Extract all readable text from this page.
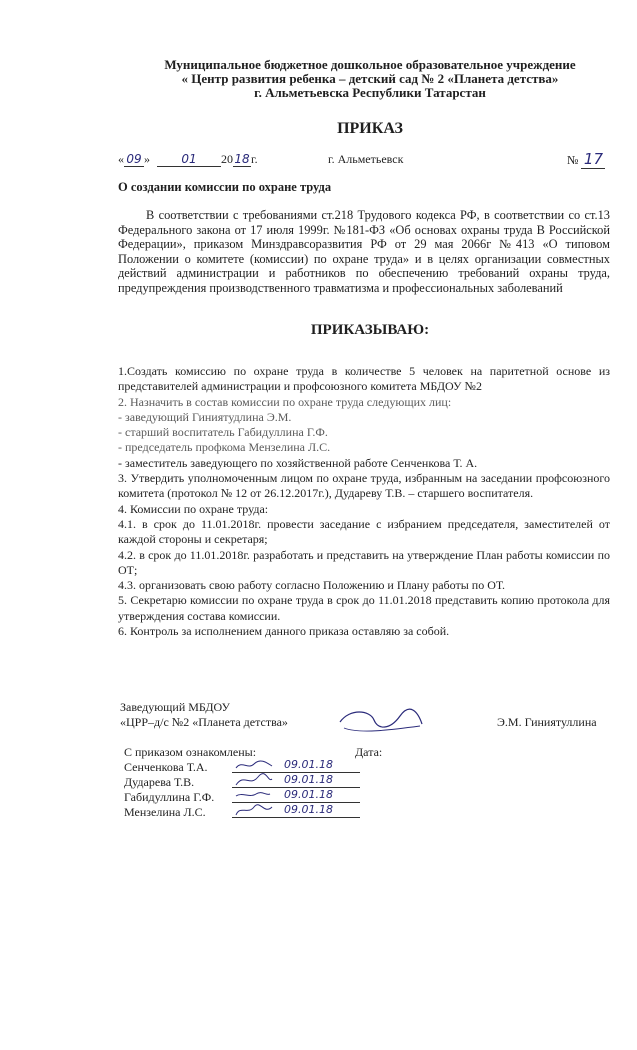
Муниципальное бюджетное дошкольное образовательное учреждение
« Центр развития ребенка – детский сад № 2 «Планета детства»
г. Альметьевска Республики Татарстан
ПРИКАЗ
« 09 »	01 2018г.	г. Альметьевск	№ 17
О создании комиссии по охране труда
В соответствии с требованиями ст.218 Трудового кодекса РФ, в соответствии со ст.13 Федерального закона от 17 июля 1999г. №181-ФЗ «Об основах охраны труда В Российской Федерации», приказом Минздравсоразвития РФ от 29 мая 2066г №413 «О типовом Положении о комитете (комиссии) по охране труда» и в целях организации совместных действий администрации и работников по обеспечению требований охраны труда, предупреждения производственного травматизма и профессиональных заболеваний
ПРИКАЗЫВАЮ:
1.Создать комиссию по охране труда в количестве 5 человек на паритетной основе из представителей администрации и профсоюзного комитета МБДОУ №2
2. Назначить в состав комиссии по охране труда следующих лиц:
- заведующий Гиниятудлина Э.М.
- старший воспитатель Габидуллина Г.Ф.
- председатель профкома Мензелина Л.С.
- заместитель заведующего по хозяйственной работе Сенченкова Т. А.
3. Утвердить уполномоченным лицом по охране труда, избранным на заседании профсоюзного комитета (протокол № 12 от 26.12.2017г.), Дудареву Т.В. – старшего воспитателя.
4. Комиссии по охране труда:
4.1. в срок до 11.01.2018г. провести заседание с избранием председателя, заместителей от каждой стороны и секретаря;
4.2. в срок до 11.01.2018г. разработать и представить на утверждение План работы комиссии по ОТ;
4.3. организовать свою работу согласно Положению и Плану работы по ОТ.
5. Секретарю комиссии по охране труда в срок до 11.01.2018 представить копию протокола для утверждения состава комиссии.
6. Контроль за исполнением данного приказа оставляю за собой.
Заведующий МБДОУ
«ЦРР–д/с №2 «Планета детства»	Э.М. Гиниятуллина
С приказом ознакомлены:	Дата:
Сенченкова Т.А.	09.01.18
Дударева Т.В.	09.01.18
Габидуллина Г.Ф.	09.01.18
Мензелина Л.С.	09.01.18
